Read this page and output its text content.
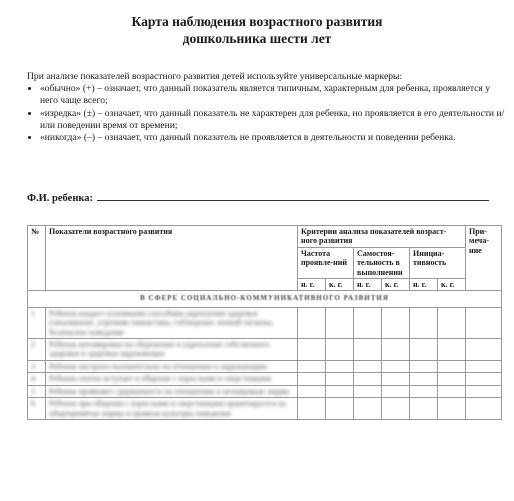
Карта наблюдения возрастного развития
дошкольника шести лет
При анализе показателей возрастного развития детей используйте универсальные маркеры:
• «обычно» (+) – означает, что данный показатель является типичным, характерным для ребенка, проявляется у него чаще всего;
• «изредка» (±) – означает, что данный показатель не характерен для ребенка, но проявляется в его деятельности и/или поведении время от времени;
• «никогда» (–) – означает, что данный показатель не проявляется в деятельности и поведении ребенка.
Ф.И. ребенка:
№	Показатели возрастного развития	Критерии анализа показателей возраст-ного развития						При-меча-ние
		Частота проявле-ний		Самостоя-тельность в выполнении		Инициа-тивность		
		н. г.	к. г.	н. г.	к. г.	н. г.	к. г.	
В СФЕРЕ СОЦИАЛЬНО-КОММУНИКАТИВНОГО РАЗВИТИЯ								
1	Ребенок владеет основными способами укрепления здоровья (закаливание, утренняя гимнастика, соблюдение личной гигиены, безопасное поведение							
2	Ребенок мотивирован на сбережение и укрепление собственного здоровья и здоровья окружающих							
3	Ребенок настроен положительно по отношению к окружающим							
4	Ребенок охотно вступает в общение с взрослыми и сверстниками							
5	Ребенок проявляет сдержанность по отношению к незнакомым людям							
6	Ребенок при общении с взрослыми и сверстниками ориентируется на общепринятые нормы и правила культуры поведения							
